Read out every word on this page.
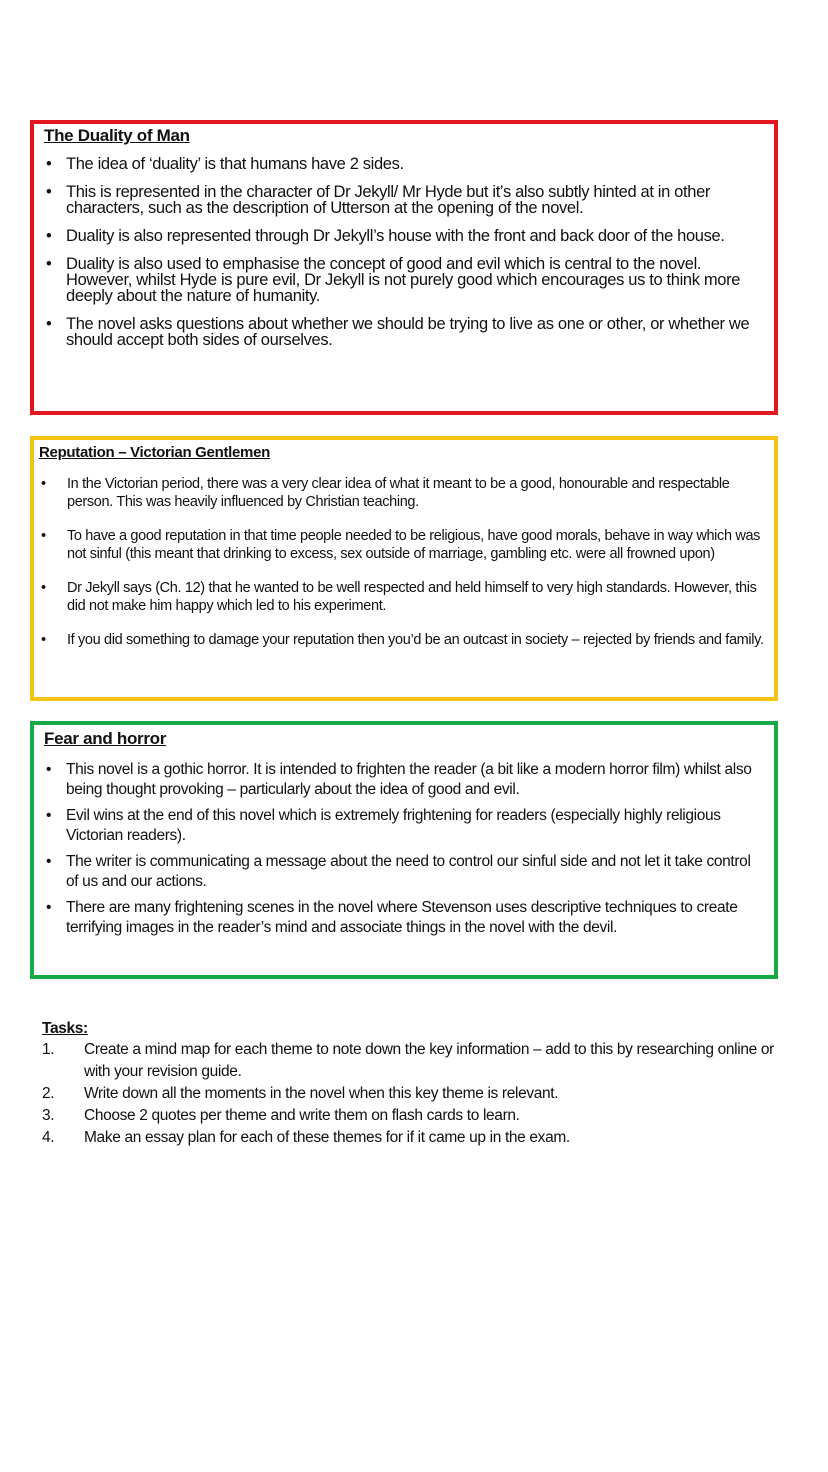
The Duality of Man
• The idea of ‘duality’ is that humans have 2 sides.
• This is represented in the character of Dr Jekyll/ Mr Hyde but it’s also subtly hinted at in other characters, such as the description of Utterson at the opening of the novel.
• Duality is also represented through Dr Jekyll’s house with the front and back door of the house.
• Duality is also used to emphasise the concept of good and evil which is central to the novel. However, whilst Hyde is pure evil, Dr Jekyll is not purely good which encourages us to think more deeply about the nature of humanity.
• The novel asks questions about whether we should be trying to live as one or other, or whether we should accept both sides of ourselves.
Reputation – Victorian Gentlemen
• In the Victorian period, there was a very clear idea of what it meant to be a good, honourable and respectable person. This was heavily influenced by Christian teaching.
• To have a good reputation in that time people needed to be religious, have good morals, behave in way which was not sinful (this meant that drinking to excess, sex outside of marriage, gambling etc. were all frowned upon)
• Dr Jekyll says (Ch. 12) that he wanted to be well respected and held himself to very high standards. However, this did not make him happy which led to his experiment.
• If you did something to damage your reputation then you’d be an outcast in society – rejected by friends and family.
Fear and horror
• This novel is a gothic horror. It is intended to frighten the reader (a bit like a modern horror film) whilst also being thought provoking – particularly about the idea of good and evil.
• Evil wins at the end of this novel which is extremely frightening for readers (especially highly religious Victorian readers).
• The writer is communicating a message about the need to control our sinful side and not let it take control of us and our actions.
• There are many frightening scenes in the novel where Stevenson uses descriptive techniques to create terrifying images in the reader’s mind and associate things in the novel with the devil.
Tasks:
1. Create a mind map for each theme to note down the key information – add to this by researching online or with your revision guide.
2. Write down all the moments in the novel when this key theme is relevant.
3. Choose 2 quotes per theme and write them on flash cards to learn.
4. Make an essay plan for each of these themes for if it came up in the exam.
